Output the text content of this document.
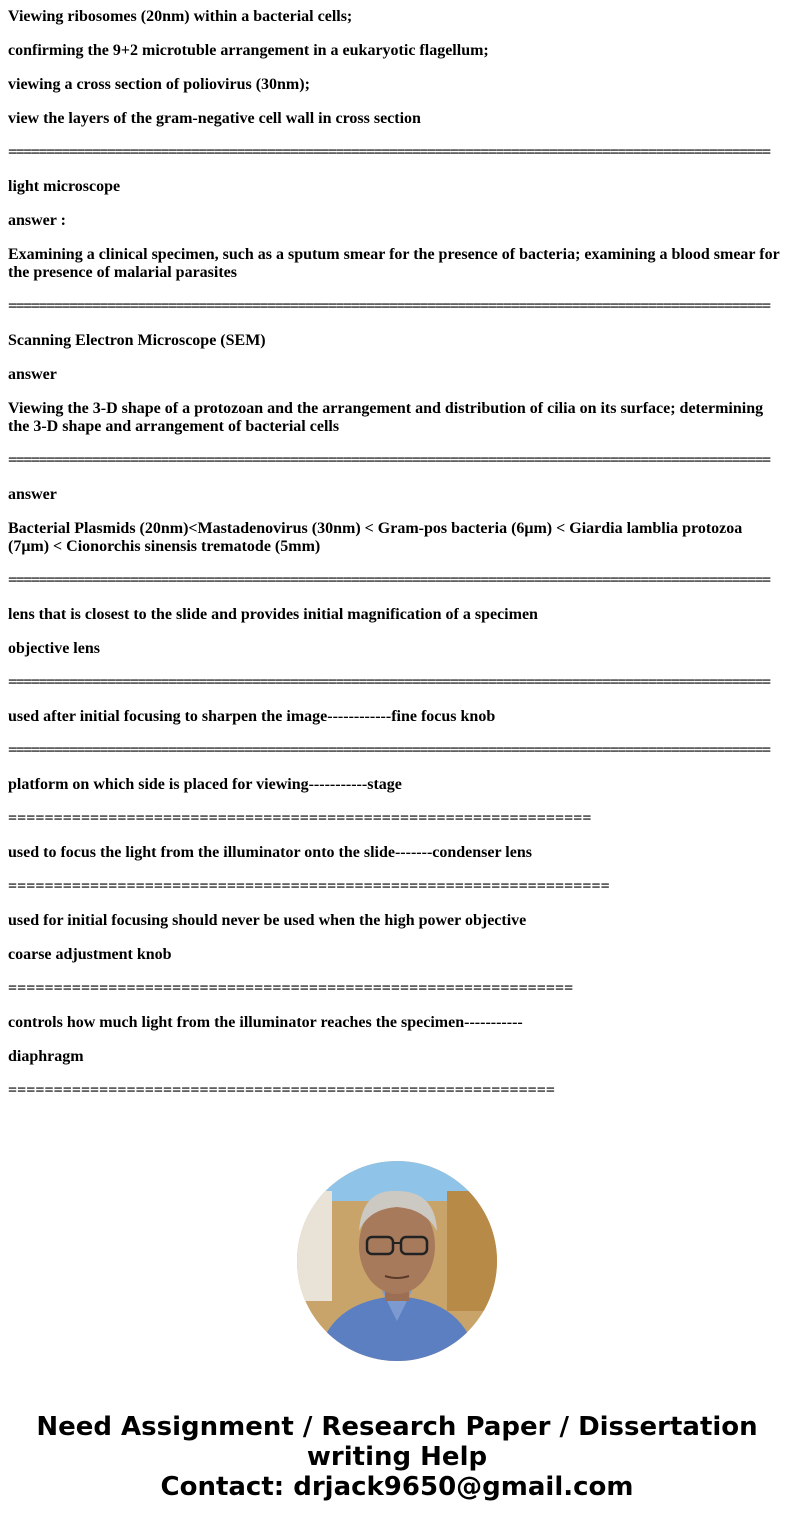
Viewing ribosomes (20nm) within a bacterial cells;

confirming the 9+2 microtuble arrangement in a eukaryotic flagellum;

viewing a cross section of poliovirus (30nm);

view the layers of the gram-negative cell wall in cross section

====================================================================================================

light microscope

answer :

Examining a clinical specimen, such as a sputum smear for the presence of bacteria; examining a blood smear for the presence of malarial parasites

====================================================================================================

Scanning Electron Microscope (SEM)

answer

Viewing the 3-D shape of a protozoan and the arrangement and distribution of cilia on its surface; determining the 3-D shape and arrangement of bacterial cells

====================================================================================================

answer

Bacterial Plasmids (20nm)<Mastadenovirus (30nm) < Gram-pos bacteria (6μm) < Giardia lamblia protozoa (7μm) < Cionorchis sinensis trematode (5mm)

====================================================================================================

lens that is closest to the slide and provides initial magnification of a specimen

objective lens

====================================================================================================

used after initial focusing to sharpen the image------------fine focus knob

====================================================================================================

platform on which side is placed for viewing-----------stage

================================================================

used to focus the light from the illuminator onto the slide-------condenser lens

==================================================================

used for initial focusing should never be used when the high power objective

coarse adjustment knob

==============================================================

controls how much light from the illuminator reaches the specimen-----------

diaphragm

============================================================

Need Assignment / Research Paper / Dissertation writing Help
Contact: drjack9650@gmail.com
